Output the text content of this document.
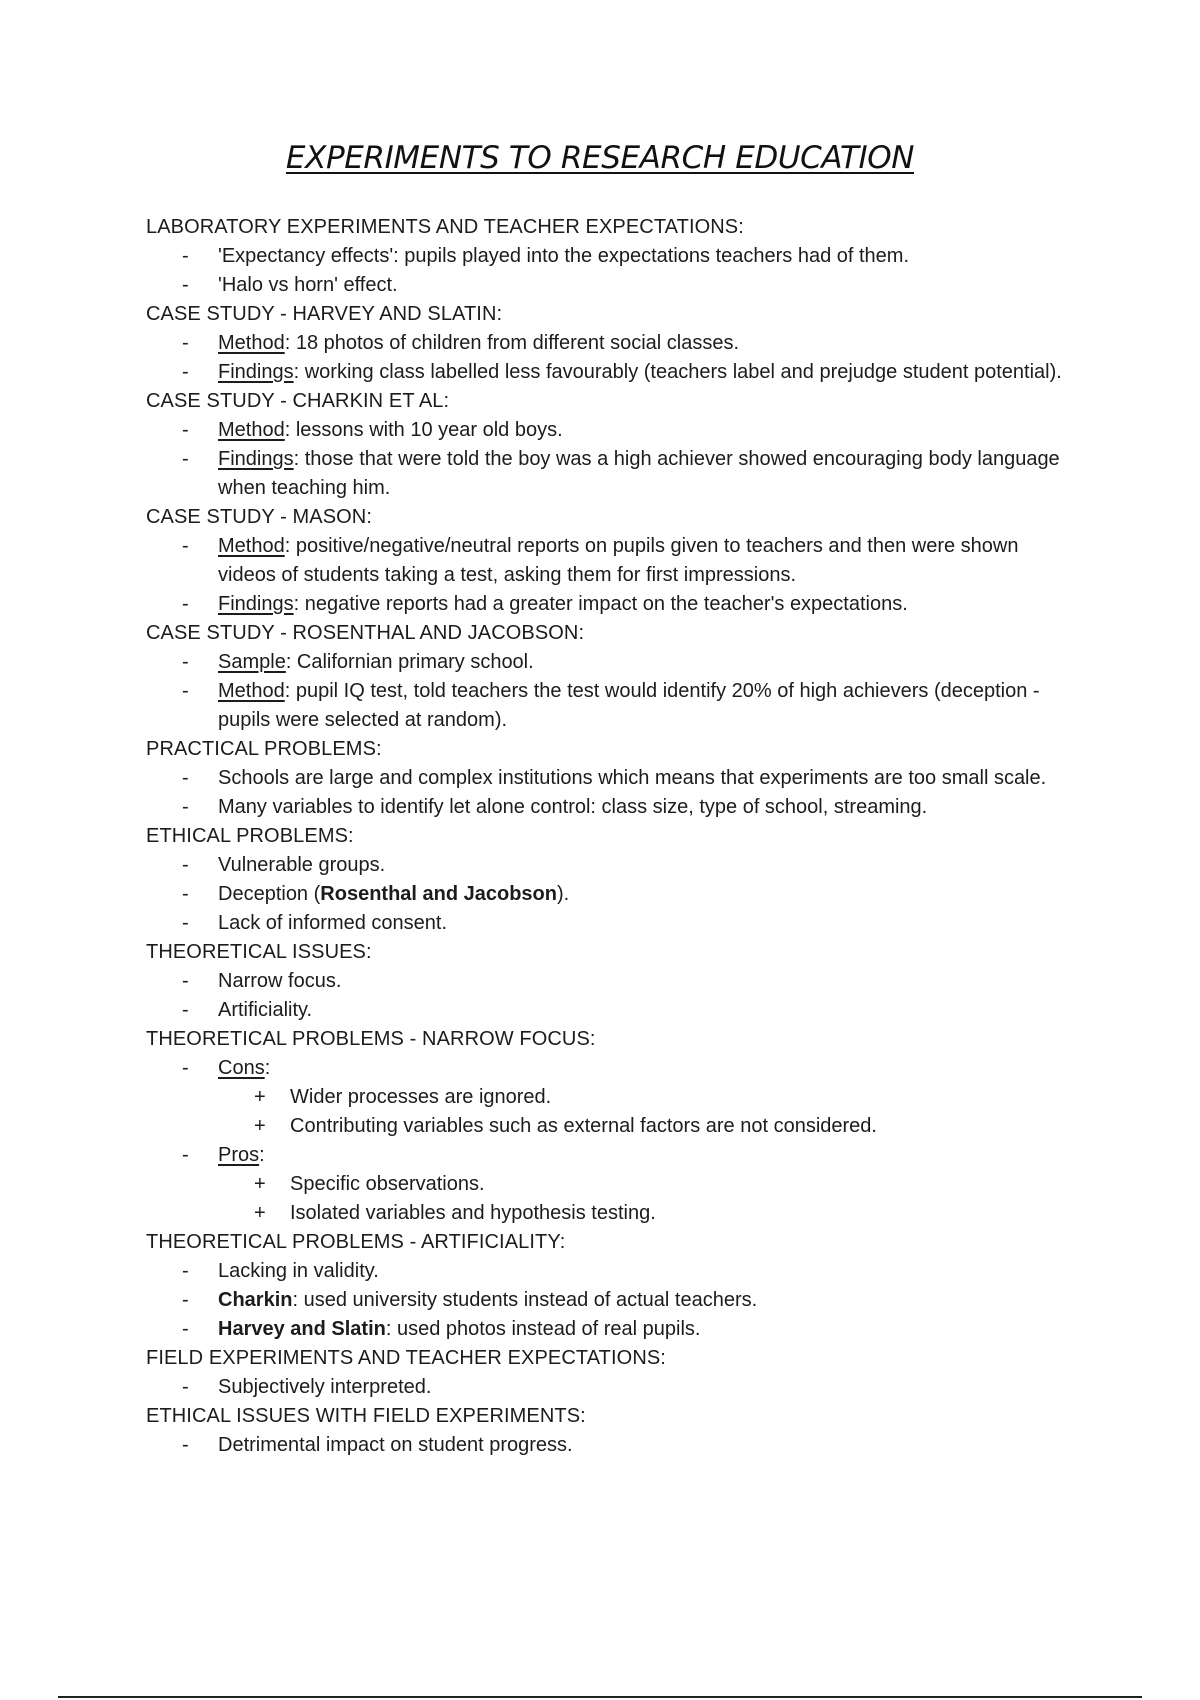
EXPERIMENTS TO RESEARCH EDUCATION
LABORATORY EXPERIMENTS AND TEACHER EXPECTATIONS:
- 'Expectancy effects': pupils played into the expectations teachers had of them.
- 'Halo vs horn' effect.
CASE STUDY - HARVEY AND SLATIN:
- Method: 18 photos of children from different social classes.
- Findings: working class labelled less favourably (teachers label and prejudge student potential).
CASE STUDY - CHARKIN ET AL:
- Method: lessons with 10 year old boys.
- Findings: those that were told the boy was a high achiever showed encouraging body language when teaching him.
CASE STUDY - MASON:
- Method: positive/negative/neutral reports on pupils given to teachers and then were shown videos of students taking a test, asking them for first impressions.
- Findings: negative reports had a greater impact on the teacher's expectations.
CASE STUDY - ROSENTHAL AND JACOBSON:
- Sample: Californian primary school.
- Method: pupil IQ test, told teachers the test would identify 20% of high achievers (deception - pupils were selected at random).
PRACTICAL PROBLEMS:
- Schools are large and complex institutions which means that experiments are too small scale.
- Many variables to identify let alone control: class size, type of school, streaming.
ETHICAL PROBLEMS:
- Vulnerable groups.
- Deception (Rosenthal and Jacobson).
- Lack of informed consent.
THEORETICAL ISSUES:
- Narrow focus.
- Artificiality.
THEORETICAL PROBLEMS - NARROW FOCUS:
- Cons:
+ Wider processes are ignored.
+ Contributing variables such as external factors are not considered.
- Pros:
+ Specific observations.
+ Isolated variables and hypothesis testing.
THEORETICAL PROBLEMS - ARTIFICIALITY:
- Lacking in validity.
- Charkin: used university students instead of actual teachers.
- Harvey and Slatin: used photos instead of real pupils.
FIELD EXPERIMENTS AND TEACHER EXPECTATIONS:
- Subjectively interpreted.
ETHICAL ISSUES WITH FIELD EXPERIMENTS:
- Detrimental impact on student progress.
